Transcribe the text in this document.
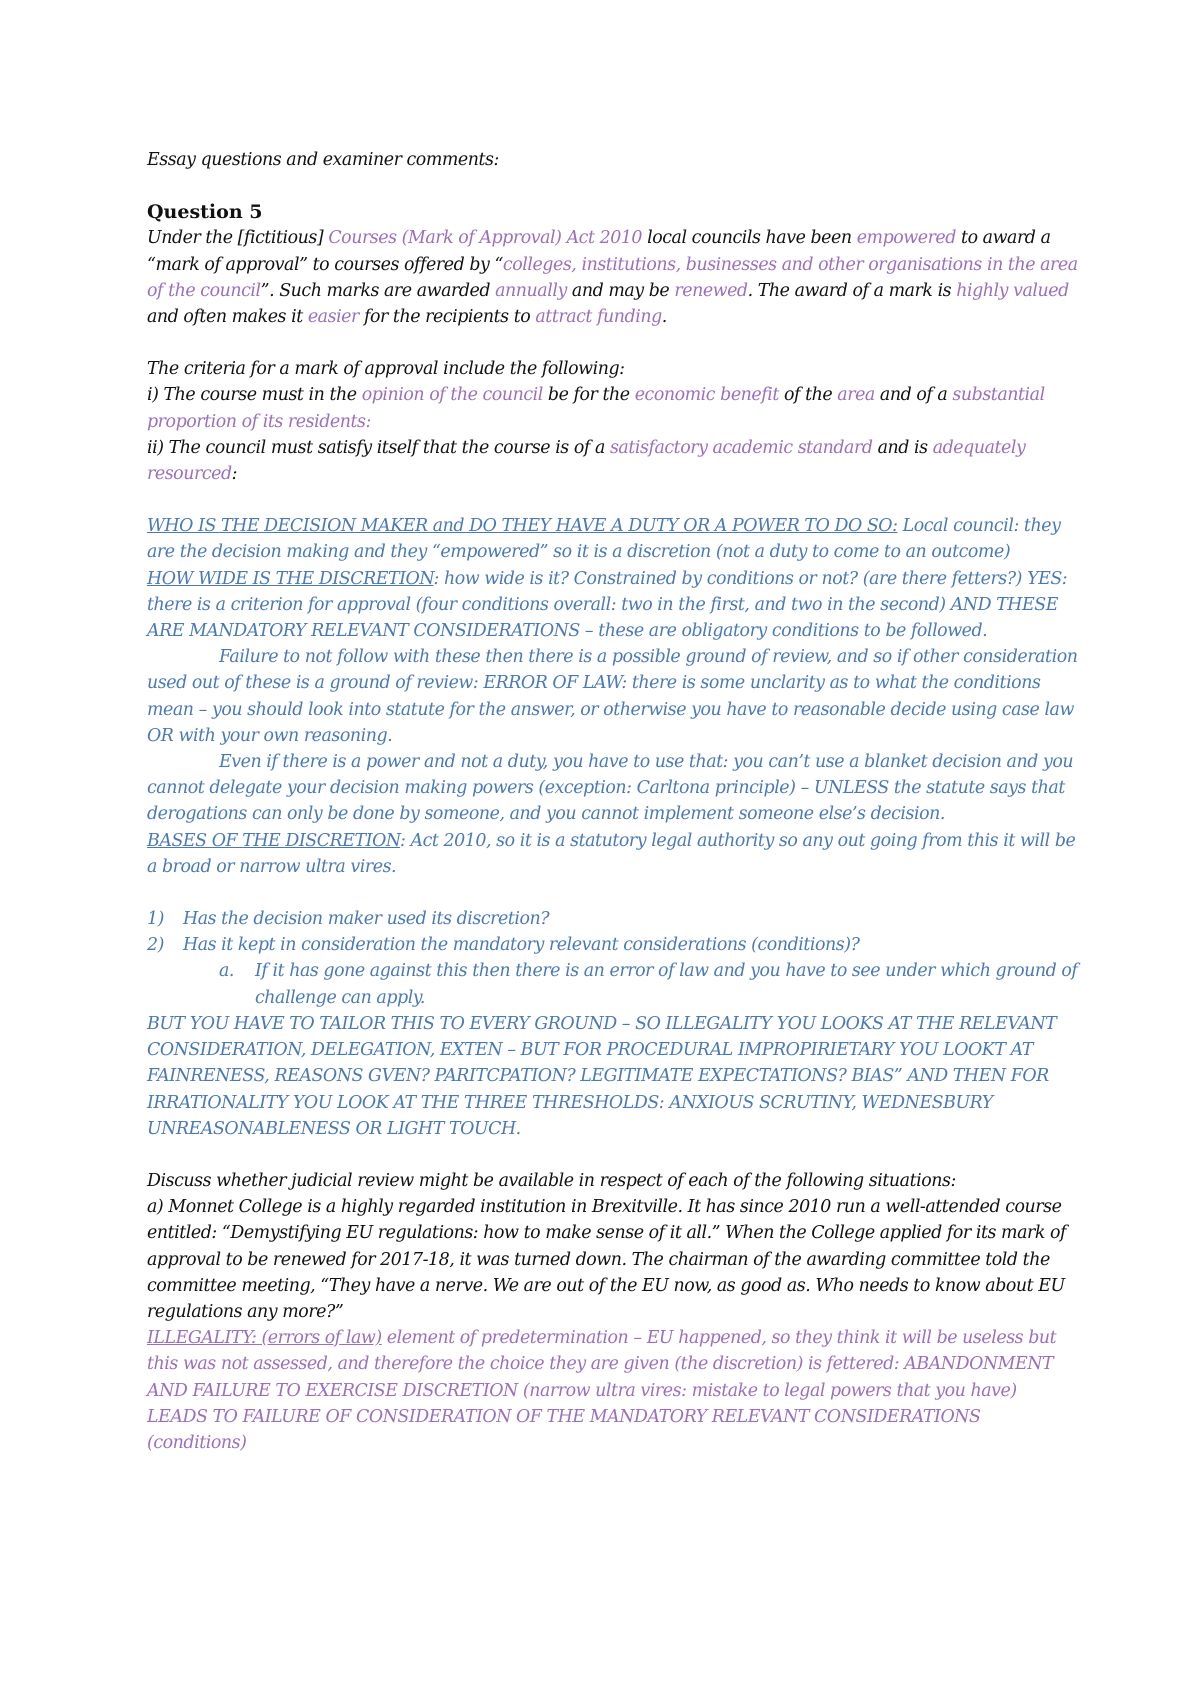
Essay questions and examiner comments:

Question 5

Under the [fictitious] Courses (Mark of Approval) Act 2010 local councils have been empowered to award a “mark of approval” to courses offered by “colleges, institutions, businesses and other organisations in the area of the council”. Such marks are awarded annually and may be renewed. The award of a mark is highly valued and often makes it easier for the recipients to attract funding.

The criteria for a mark of approval include the following:

i) The course must in the opinion of the council be for the economic benefit of the area and of a substantial proportion of its residents:

ii) The council must satisfy itself that the course is of a satisfactory academic standard and is adequately resourced:

WHO IS THE DECISION MAKER and DO THEY HAVE A DUTY OR A POWER TO DO SO: Local council: they are the decision making and they “empowered” so it is a discretion (not a duty to come to an outcome)

HOW WIDE IS THE DISCRETION: how wide is it? Constrained by conditions or not? (are there fetters?) YES: there is a criterion for approval (four conditions overall: two in the first, and two in the second) AND THESE ARE MANDATORY RELEVANT CONSIDERATIONS – these are obligatory conditions to be followed.

Failure to not follow with these then there is a possible ground of review, and so if other consideration used out of these is a ground of review: ERROR OF LAW: there is some unclarity as to what the conditions mean – you should look into statute for the answer, or otherwise you have to reasonable decide using case law OR with your own reasoning.

Even if there is a power and not a duty, you have to use that: you can’t use a blanket decision and you cannot delegate your decision making powers (exception: Carltona principle) – UNLESS the statute says that derogations can only be done by someone, and you cannot implement someone else’s decision.

BASES OF THE DISCRETION: Act 2010, so it is a statutory legal authority so any out going from this it will be a broad or narrow ultra vires.

1) Has the decision maker used its discretion?
2) Has it kept in consideration the mandatory relevant considerations (conditions)?
a. If it has gone against this then there is an error of law and you have to see under which ground of challenge can apply.

BUT YOU HAVE TO TAILOR THIS TO EVERY GROUND – SO ILLEGALITY YOU LOOKS AT THE RELEVANT CONSIDERATION, DELEGATION, EXTEN – BUT FOR PROCEDURAL IMPROPIRIETARY YOU LOOKT AT FAINRENESS, REASONS GVEN? PARITCPATION? LEGITIMATE EXPECTATIONS? BIAS” AND THEN FOR IRRATIONALITY YOU LOOK AT THE THREE THRESHOLDS: ANXIOUS SCRUTINY, WEDNESBURY UNREASONABLENESS OR LIGHT TOUCH.

Discuss whether judicial review might be available in respect of each of the following situations:

a) Monnet College is a highly regarded institution in Brexitville. It has since 2010 run a well-attended course entitled: “Demystifying EU regulations: how to make sense of it all.” When the College applied for its mark of approval to be renewed for 2017-18, it was turned down. The chairman of the awarding committee told the committee meeting, “They have a nerve. We are out of the EU now, as good as. Who needs to know about EU regulations any more?”

ILLEGALITY: (errors of law) element of predetermination – EU happened, so they think it will be useless but this was not assessed, and therefore the choice they are given (the discretion) is fettered: ABANDONMENT AND FAILURE TO EXERCISE DISCRETION (narrow ultra vires: mistake to legal powers that you have) LEADS TO FAILURE OF CONSIDERATION OF THE MANDATORY RELEVANT CONSIDERATIONS (conditions)
